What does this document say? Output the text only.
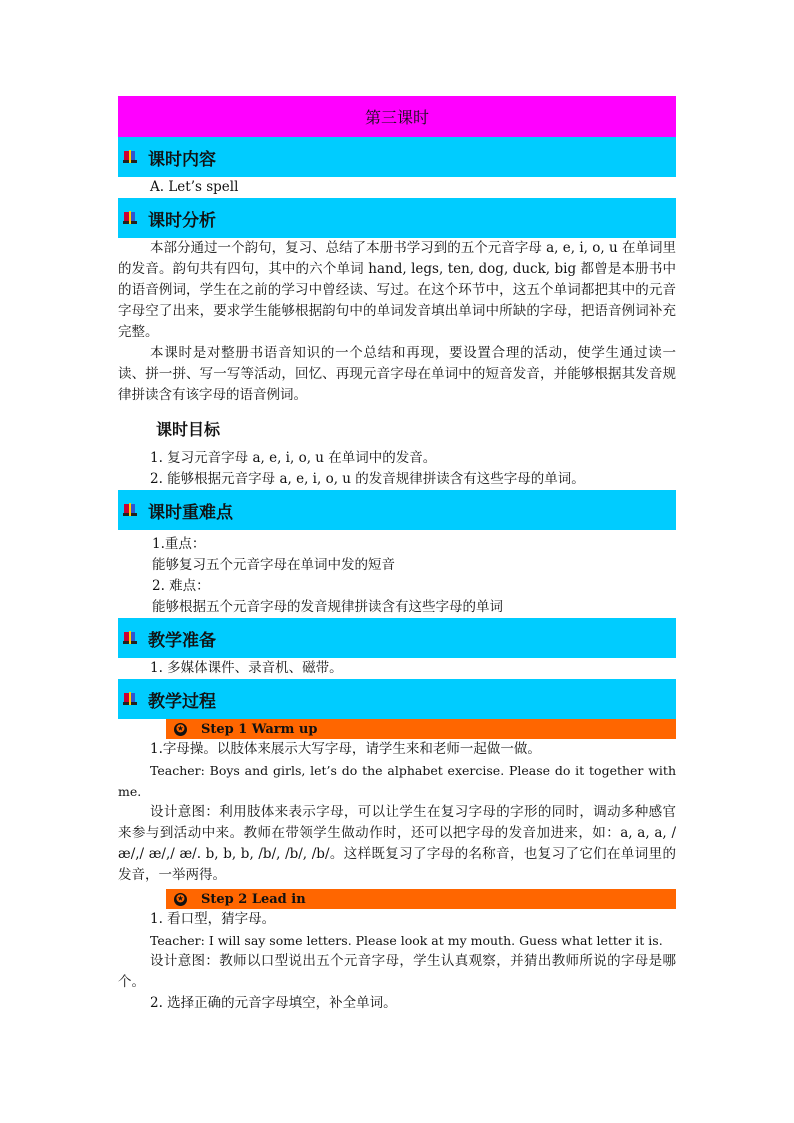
第三课时
课时内容
A. Let’s spell
课时分析
本部分通过一个韵句，复习、总结了本册书学习到的五个元音字母 a, e, i, o, u 在单词里的发音。韵句共有四句，其中的六个单词 hand, legs, ten, dog, duck, big 都曾是本册书中的语音例词，学生在之前的学习中曾经读、写过。在这个环节中，这五个单词都把其中的元音字母空了出来，要求学生能够根据韵句中的单词发音填出单词中所缺的字母，把语音例词补充完整。
本课时是对整册书语音知识的一个总结和再现，要设置合理的活动，使学生通过读一读、拼一拼、写一写等活动，回忆、再现元音字母在单词中的短音发音，并能够根据其发音规律拼读含有该字母的语音例词。
课时目标
1. 复习元音字母 a, e, i, o, u 在单词中的发音。
2. 能够根据元音字母 a, e, i, o, u 的发音规律拼读含有这些字母的单词。
课时重难点
1.重点：
能够复习五个元音字母在单词中发的短音
2. 难点：
能够根据五个元音字母的发音规律拼读含有这些字母的单词
教学准备
1. 多媒体课件、录音机、磁带。
教学过程
✪ Step 1 Warm up
1.字母操。以肢体来展示大写字母，请学生来和老师一起做一做。
Teacher: Boys and girls, let’s do the alphabet exercise. Please do it together with me.
设计意图：利用肢体来表示字母，可以让学生在复习字母的字形的同时，调动多种感官来参与到活动中来。教师在带领学生做动作时，还可以把字母的发音加进来，如：a, a, a, / æ/,/ æ/,/ æ/. b, b, b, /b/, /b/, /b/。这样既复习了字母的名称音，也复习了它们在单词里的发音，一举两得。
✪ Step 2 Lead in
1. 看口型，猜字母。
Teacher: I will say some letters. Please look at my mouth. Guess what letter it is.
设计意图：教师以口型说出五个元音字母，学生认真观察，并猜出教师所说的字母是哪个。
2. 选择正确的元音字母填空，补全单词。
